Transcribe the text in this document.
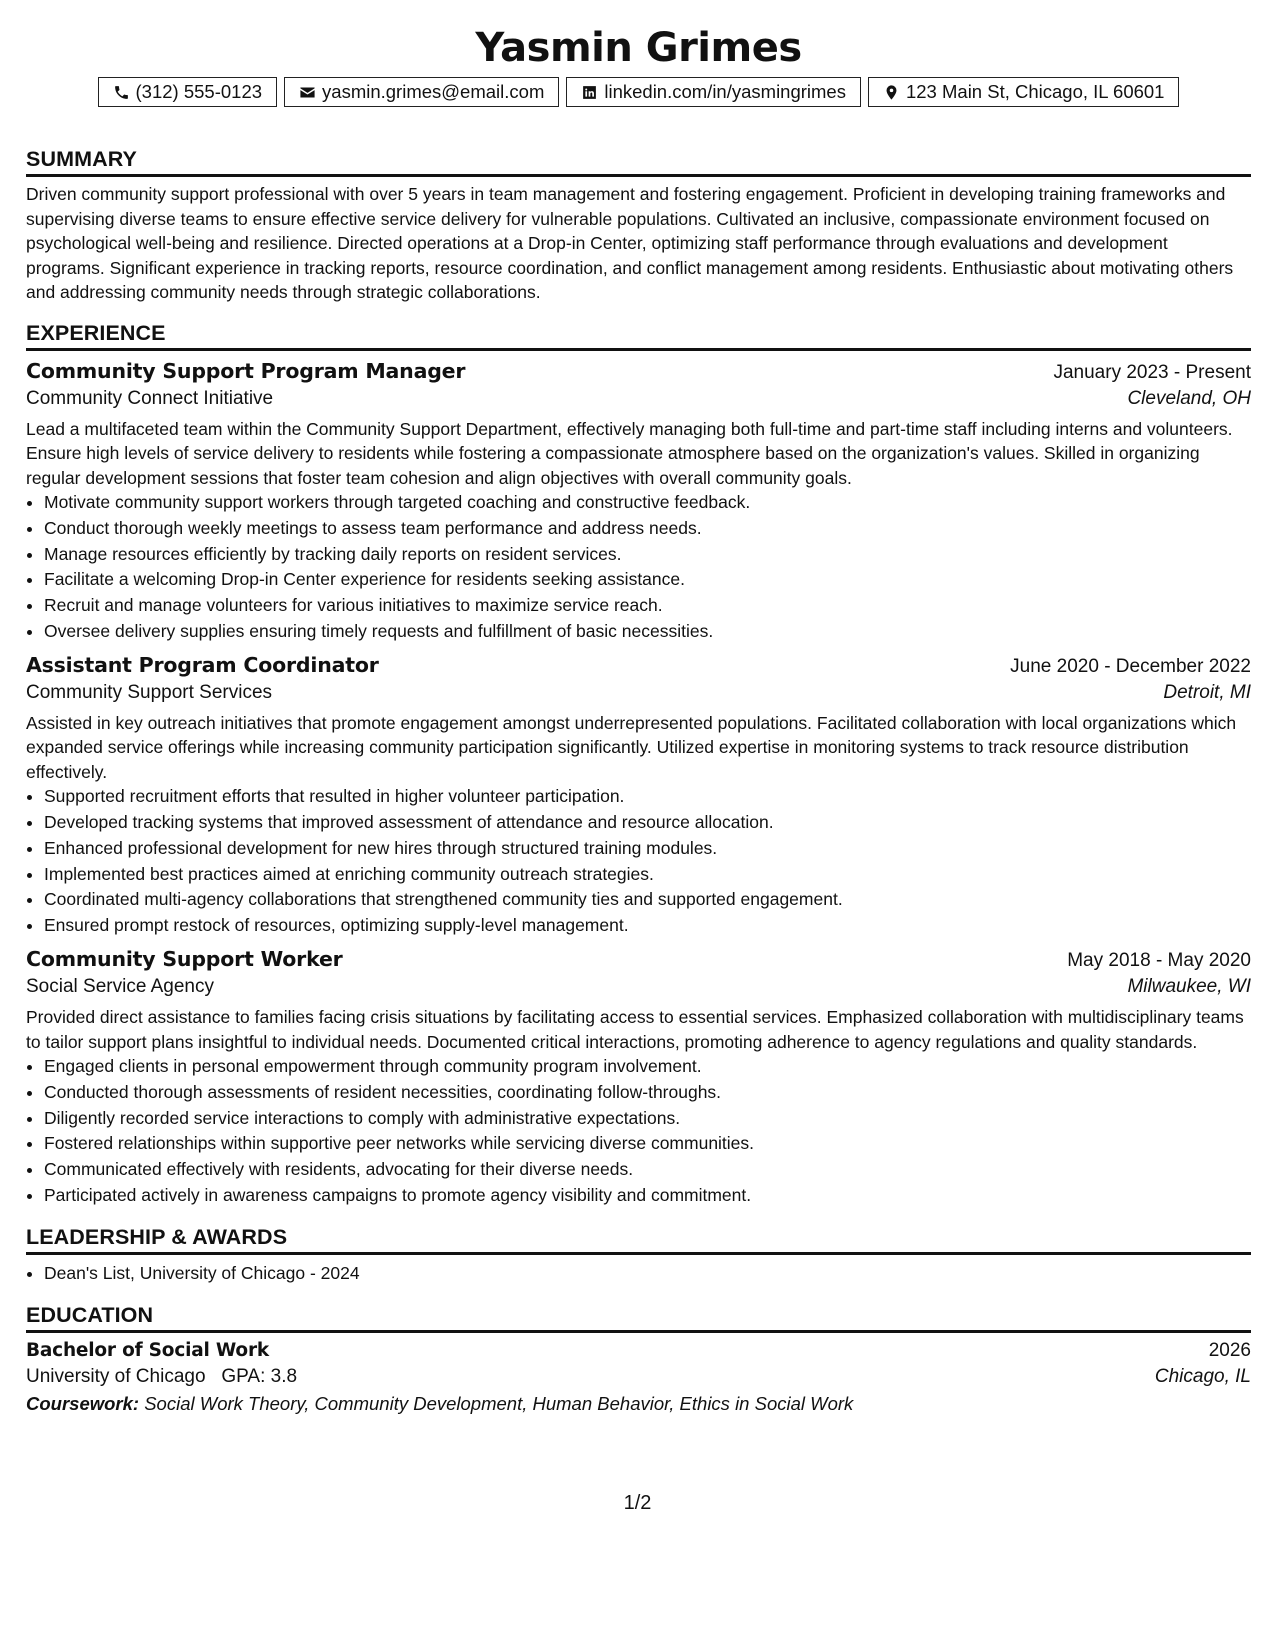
Yasmin Grimes
(312) 555-0123	yasmin.grimes@email.com	linkedin.com/in/yasmingrimes	123 Main St, Chicago, IL 60601
SUMMARY
Driven community support professional with over 5 years in team management and fostering engagement. Proficient in developing training frameworks and supervising diverse teams to ensure effective service delivery for vulnerable populations. Cultivated an inclusive, compassionate environment focused on psychological well-being and resilience. Directed operations at a Drop-in Center, optimizing staff performance through evaluations and development programs. Significant experience in tracking reports, resource coordination, and conflict management among residents. Enthusiastic about motivating others and addressing community needs through strategic collaborations.
EXPERIENCE
Community Support Program Manager	January 2023 - Present
Community Connect Initiative	Cleveland, OH
Lead a multifaceted team within the Community Support Department, effectively managing both full-time and part-time staff including interns and volunteers. Ensure high levels of service delivery to residents while fostering a compassionate atmosphere based on the organization's values. Skilled in organizing regular development sessions that foster team cohesion and align objectives with overall community goals.
• Motivate community support workers through targeted coaching and constructive feedback.
• Conduct thorough weekly meetings to assess team performance and address needs.
• Manage resources efficiently by tracking daily reports on resident services.
• Facilitate a welcoming Drop-in Center experience for residents seeking assistance.
• Recruit and manage volunteers for various initiatives to maximize service reach.
• Oversee delivery supplies ensuring timely requests and fulfillment of basic necessities.
Assistant Program Coordinator	June 2020 - December 2022
Community Support Services	Detroit, MI
Assisted in key outreach initiatives that promote engagement amongst underrepresented populations. Facilitated collaboration with local organizations which expanded service offerings while increasing community participation significantly. Utilized expertise in monitoring systems to track resource distribution effectively.
• Supported recruitment efforts that resulted in higher volunteer participation.
• Developed tracking systems that improved assessment of attendance and resource allocation.
• Enhanced professional development for new hires through structured training modules.
• Implemented best practices aimed at enriching community outreach strategies.
• Coordinated multi-agency collaborations that strengthened community ties and supported engagement.
• Ensured prompt restock of resources, optimizing supply-level management.
Community Support Worker	May 2018 - May 2020
Social Service Agency	Milwaukee, WI
Provided direct assistance to families facing crisis situations by facilitating access to essential services. Emphasized collaboration with multidisciplinary teams to tailor support plans insightful to individual needs. Documented critical interactions, promoting adherence to agency regulations and quality standards.
• Engaged clients in personal empowerment through community program involvement.
• Conducted thorough assessments of resident necessities, coordinating follow-throughs.
• Diligently recorded service interactions to comply with administrative expectations.
• Fostered relationships within supportive peer networks while servicing diverse communities.
• Communicated effectively with residents, advocating for their diverse needs.
• Participated actively in awareness campaigns to promote agency visibility and commitment.
LEADERSHIP & AWARDS
• Dean's List, University of Chicago - 2024
EDUCATION
Bachelor of Social Work	2026
University of Chicago GPA: 3.8	Chicago, IL
Coursework: Social Work Theory, Community Development, Human Behavior, Ethics in Social Work
1/2
